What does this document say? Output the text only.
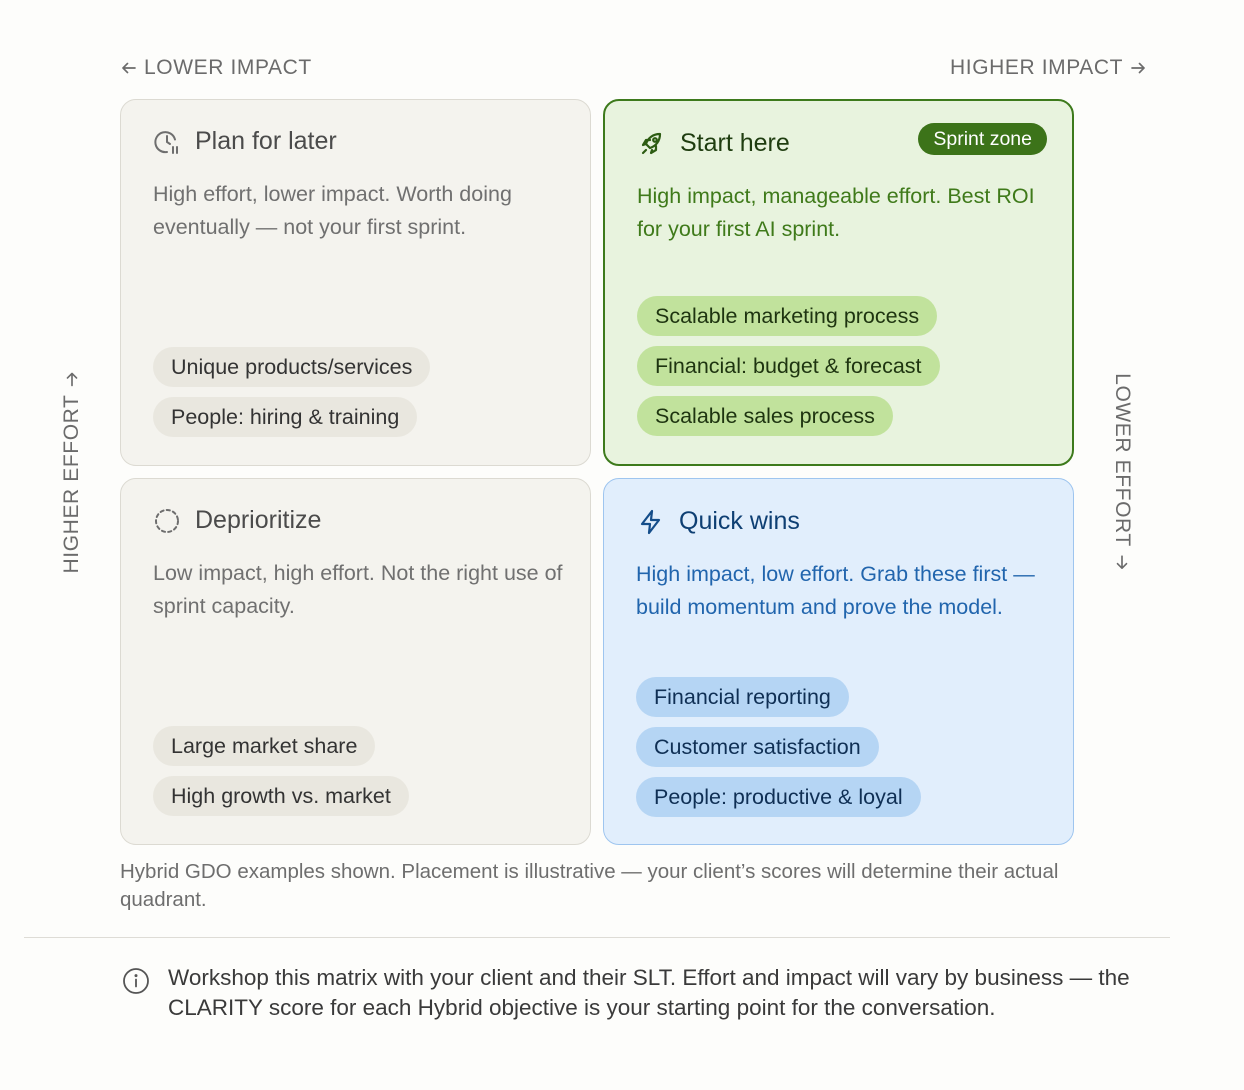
LOWER IMPACT	HIGHER IMPACT
HIGHER EFFORT	LOWER EFFORT
Plan for later
High effort, lower impact. Worth doing eventually — not your first sprint.
Unique products/services
People: hiring & training
Start here	Sprint zone
High impact, manageable effort. Best ROI for your first AI sprint.
Scalable marketing process
Financial: budget & forecast
Scalable sales process
Deprioritize
Low impact, high effort. Not the right use of sprint capacity.
Large market share
High growth vs. market
Quick wins
High impact, low effort. Grab these first — build momentum and prove the model.
Financial reporting
Customer satisfaction
People: productive & loyal
Hybrid GDO examples shown. Placement is illustrative — your client’s scores will determine their actual quadrant.
Workshop this matrix with your client and their SLT. Effort and impact will vary by business — the CLARITY score for each Hybrid objective is your starting point for the conversation.
